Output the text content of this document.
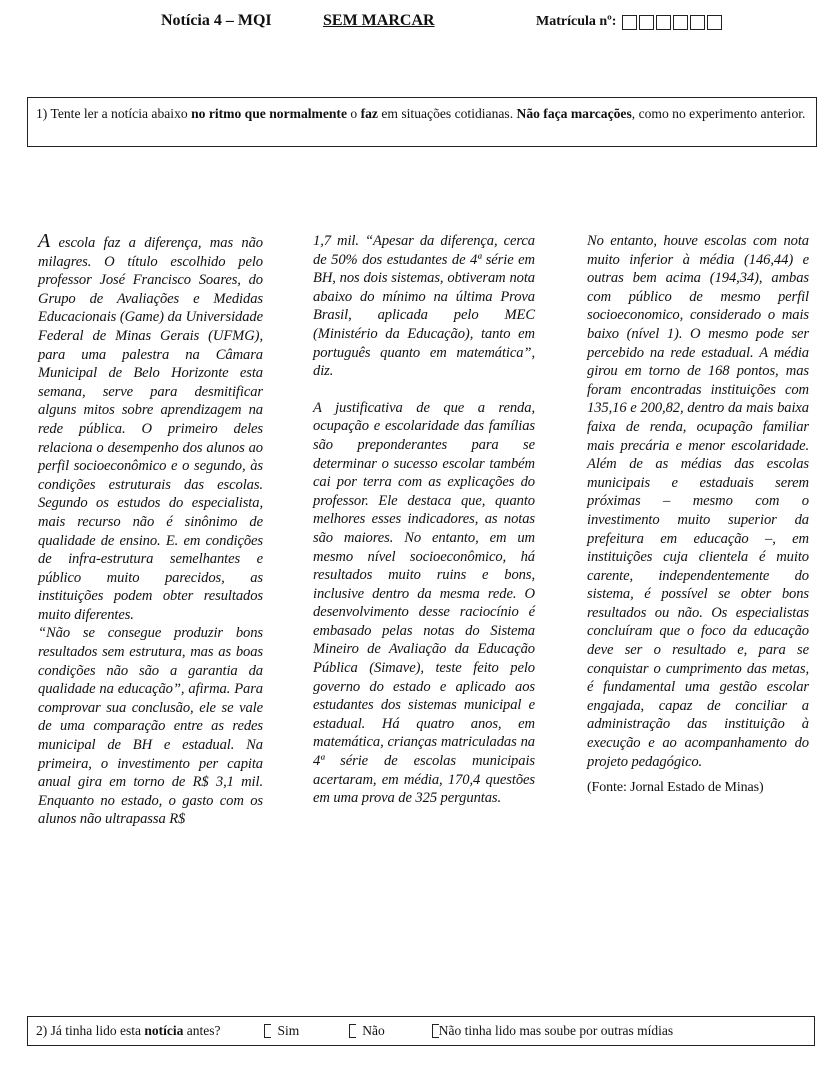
Notícia 4 – MQI	SEM MARCAR	Matrícula nº:
1) Tente ler a notícia abaixo no ritmo que normalmente o faz em situações cotidianas. Não faça marcações, como no experimento anterior.

A escola faz a diferença, mas não milagres. O título escolhido pelo professor José Francisco Soares, do Grupo de Avaliações e Medidas Educacionais (Game) da Universidade Federal de Minas Gerais (UFMG), para uma palestra na Câmara Municipal de Belo Horizonte esta semana, serve para desmitificar alguns mitos sobre aprendizagem na rede pública. O primeiro deles relaciona o desempenho dos alunos ao perfil socioeconômico e o segundo, às condições estruturais das escolas. Segundo os estudos do especialista, mais recurso não é sinônimo de qualidade de ensino. E. em condições de infra-estrutura semelhantes e público muito parecidos, as instituições podem obter resultados muito diferentes.

“Não se consegue produzir bons resultados sem estrutura, mas as boas condições não são a garantia da qualidade na educação”, afirma. Para comprovar sua conclusão, ele se vale de uma comparação entre as redes municipal de BH e estadual. Na primeira, o investimento per capita anual gira em torno de R$ 3,1 mil. Enquanto no estado, o gasto com os alunos não ultrapassa R$

1,7 mil. “Apesar da diferença, cerca de 50% dos estudantes de 4ª série em BH, nos dois sistemas, obtiveram nota abaixo do mínimo na última Prova Brasil, aplicada pelo MEC (Ministério da Educação), tanto em português quanto em matemática”, diz.

A justificativa de que a renda, ocupação e escolaridade das famílias são preponderantes para se determinar o sucesso escolar também cai por terra com as explicações do professor. Ele destaca que, quanto melhores esses indicadores, as notas são maiores. No entanto, em um mesmo nível socioeconômico, há resultados muito ruins e bons, inclusive dentro da mesma rede. O desenvolvimento desse raciocínio é embasado pelas notas do Sistema Mineiro de Avaliação da Educação Pública (Simave), teste feito pelo governo do estado e aplicado aos estudantes dos sistemas municipal e estadual. Há quatro anos, em matemática, crianças matriculadas na 4ª série de escolas municipais acertaram, em média, 170,4 questões em uma prova de 325 perguntas.

No entanto, houve escolas com nota muito inferior à média (146,44) e outras bem acima (194,34), ambas com público de mesmo perfil socioeconomico, considerado o mais baixo (nível 1). O mesmo pode ser percebido na rede estadual. A média girou em torno de 168 pontos, mas foram encontradas instituições com 135,16 e 200,82, dentro da mais baixa faixa de renda, ocupação familiar mais precária e menor escolaridade. Além de as médias das escolas municipais e estaduais serem próximas – mesmo com o investimento muito superior da prefeitura em educação –, em instituições cuja clientela é muito carente, independentemente do sistema, é possível se obter bons resultados ou não. Os especialistas concluíram que o foco da educação deve ser o resultado e, para se conquistar o cumprimento das metas, é fundamental uma gestão escolar engajada, capaz de conciliar a administração das instituição à execução e ao acompanhamento do projeto pedagógico.

(Fonte: Jornal Estado de Minas)
2) Já tinha lido esta notícia antes?	Sim	Não	Não tinha lido mas soube por outras mídias
